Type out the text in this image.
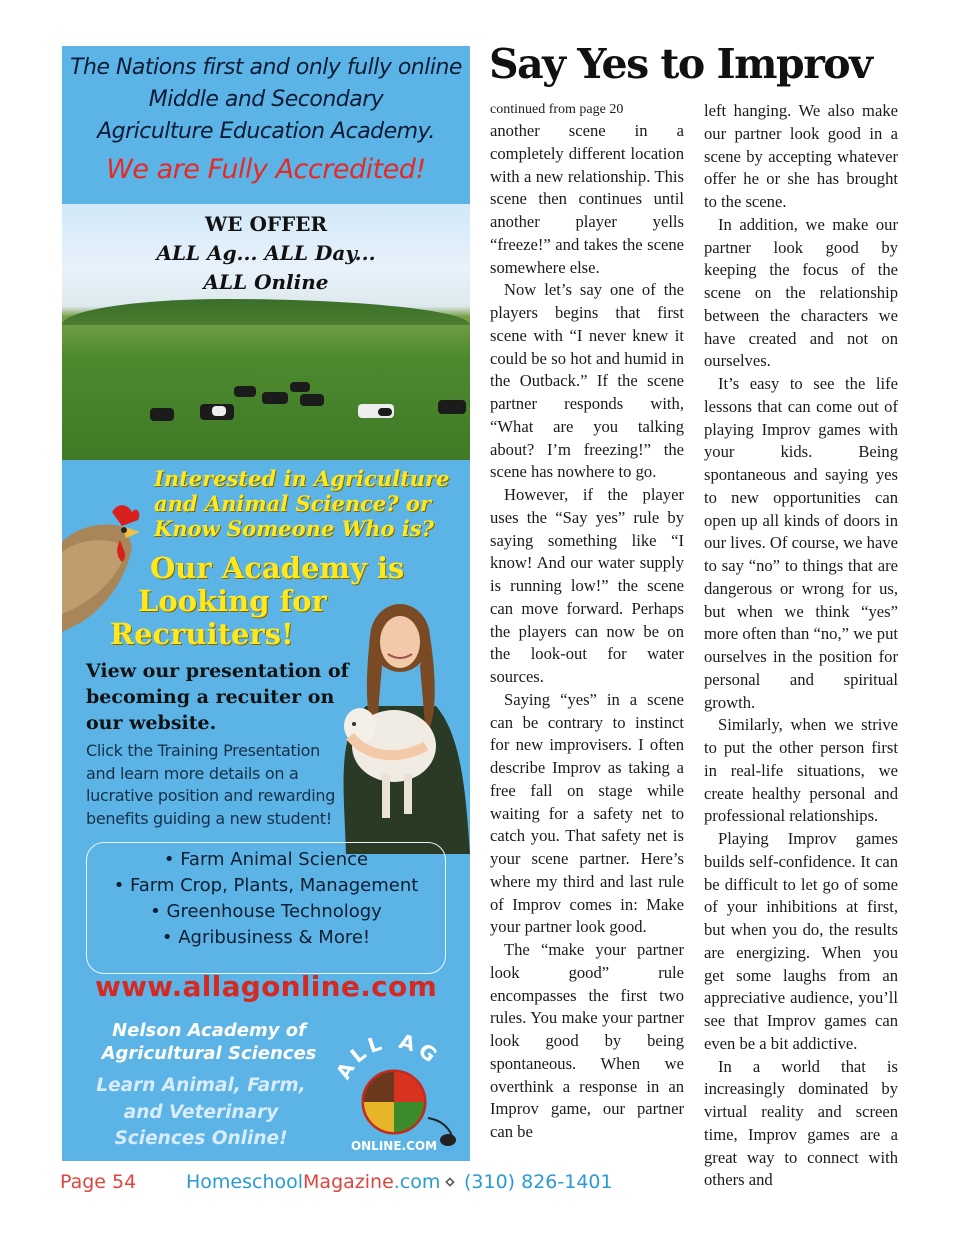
The Nations first and only fully online
Middle and Secondary
Agriculture Education Academy.
We are Fully Accredited!
WE OFFER
ALL Ag... ALL Day...
ALL Online
Interested in Agriculture and Animal Science? or Know Someone Who is?
Our Academy is
Looking for
Recruiters!
View our presentation of becoming a recuiter on our website.
Click the Training Presentation and learn more details on a lucrative position and rewarding benefits guiding a new student!
• Farm Animal Science
• Farm Crop, Plants, Management
• Greenhouse Technology
• Agribusiness & More!
www.allagonline.com
Nelson Academy of Agricultural Sciences
Learn Animal, Farm, and Veterinary Sciences Online!
ALL AG
ONLINE.COM
Say Yes to Improv
continued from page 20

another scene in a completely different location with a new relationship. This scene then continues until another player yells “freeze!” and takes the scene somewhere else.

Now let’s say one of the players begins that first scene with “I never knew it could be so hot and humid in the Outback.” If the scene partner responds with, “What are you talking about? I’m freezing!” the scene has nowhere to go.

However, if the player uses the “Say yes” rule by saying something like “I know! And our water supply is running low!” the scene can move forward. Perhaps the players can now be on the look-out for water sources.

Saying “yes” in a scene can be contrary to instinct for new improvisers. I often describe Improv as taking a free fall on stage while waiting for a safety net to catch you. That safety net is your scene partner. Here’s where my third and last rule of Improv comes in: Make your partner look good.

The “make your partner look good” rule encompasses the first two rules. You make your partner look good by being spontaneous. When we overthink a response in an Improv game, our partner can be

left hanging. We also make our partner look good in a scene by accepting whatever offer he or she has brought to the scene.

In addition, we make our partner look good by keeping the focus of the scene on the relationship between the characters we have created and not on ourselves.

It’s easy to see the life lessons that can come out of playing Improv games with your kids. Being spontaneous and saying yes to new opportunities can open up all kinds of doors in our lives. Of course, we have to say “no” to things that are dangerous or wrong for us, but when we think “yes” more often than “no,” we put ourselves in the position for personal and spiritual growth.

Similarly, when we strive to put the other person first in real-life situations, we create healthy personal and professional relationships.

Playing Improv games builds self-confidence. It can be difficult to let go of some of your inhibitions at first, but when you do, the results are energizing. When you get some laughs from an appreciative audience, you’ll see that Improv games can even be a bit addictive.

In a world that is increasingly dominated by virtual reality and screen time, Improv games are a great way to connect with others and

Page 54	HomeschoolMagazine.com ⋄ (310) 826-1401
